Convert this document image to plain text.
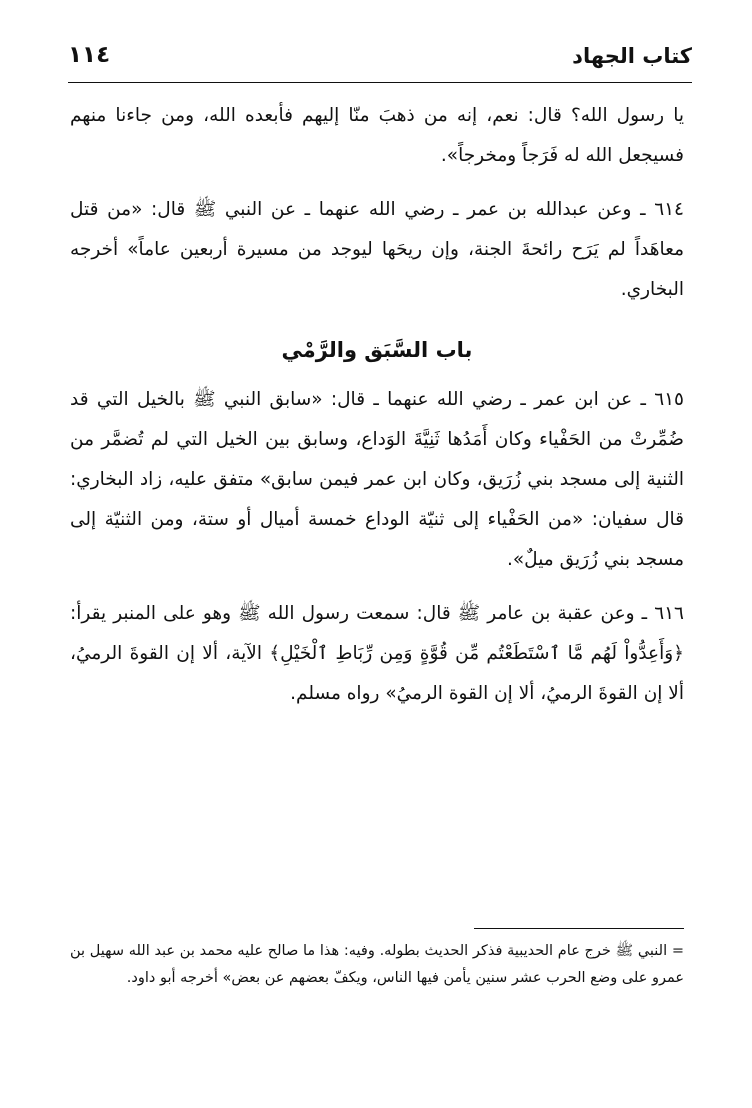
كتاب الجهاد
١١٤

يا رسول الله؟ قال: نعم، إنه من ذهبَ منّا إليهم فأبعده الله، ومن جاءنا منهم فسيجعل الله له فَرَجاً ومخرجاً».

٦١٤ ـ وعن عبدالله بن عمر ـ رضي الله عنهما ـ عن النبي ﷺ قال: «من قتل معاهَداً لم يَرَح رائحةَ الجنة، وإن ريحَها ليوجد من مسيرة أربعين عاماً» أخرجه البخاري.

باب السَّبَق والرَّمْي

٦١٥ ـ عن ابن عمر ـ رضي الله عنهما ـ قال: «سابق النبي ﷺ بالخيل التي قد ضُمِّرتْ من الحَفْياء وكان أَمَدُها ثَنِيَّةَ الوَداع، وسابق بين الخيل التي لم تُضمَّر من الثنية إلى مسجد بني زُرَيق، وكان ابن عمر فيمن سابق» متفق عليه، زاد البخاري: قال سفيان: «من الحَفْياء إلى ثنيّة الوداع خمسة أميال أو ستة، ومن الثنيّة إلى مسجد بني زُرَيق ميلٌ».

٦١٦ ـ وعن عقبة بن عامر ﷺ قال: سمعت رسول الله ﷺ وهو على المنبر يقرأ: ﴿وَأَعِدُّواْ لَهُم مَّا ٱسْتَطَعْتُم مِّن قُوَّةٍ وَمِن رِّبَاطِ ٱلْخَيْلِ﴾ الآية، ألا إن القوةَ الرميُ، ألا إن القوةَ الرميُ، ألا إن القوة الرميُ» رواه مسلم.

= النبي ﷺ خرج عام الحديبية فذكر الحديث بطوله. وفيه: هذا ما صالح عليه محمد بن عبد الله سهيل بن عمرو على وضع الحرب عشر سنين يأمن فيها الناس، ويكفّ بعضهم عن بعض» أخرجه أبو داود.
